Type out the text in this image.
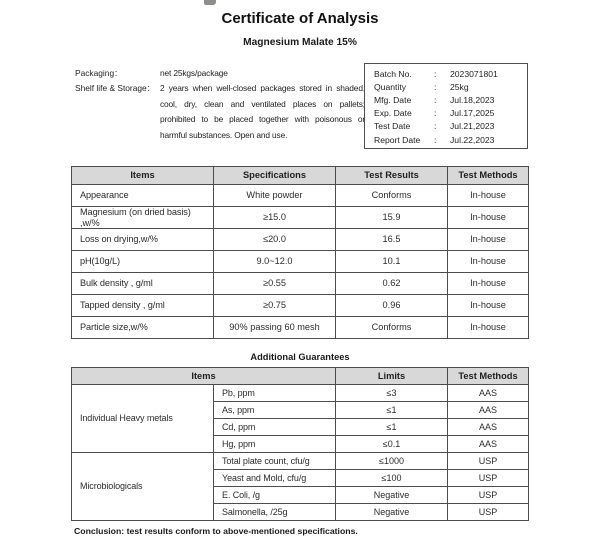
Certificate of Analysis
Magnesium Malate 15%
Packaging：	net 25kgs/package
Shelf life & Storage： 2 years when well-closed packages stored in shaded, cool, dry, clean and ventilated places on pallets; prohibited to be placed together with poisonous or harmful substances. Open and use.
Batch No.	:	2023071801
Quantity	:	25kg
Mfg. Date	:	Jul.18,2023
Exp. Date	:	Jul.17,2025
Test Date	:	Jul.21,2023
Report Date	:	Jul.22,2023
Items	Specifications	Test Results	Test Methods
Appearance	White powder	Conforms	In-house
Magnesium (on dried basis) ,w/%	≥15.0	15.9	In-house
Loss on drying,w/%	≤20.0	16.5	In-house
pH(10g/L)	9.0~12.0	10.1	In-house
Bulk density , g/ml	≥0.55	0.62	In-house
Tapped density , g/ml	≥0.75	0.96	In-house
Particle size,w/%	90% passing 60 mesh	Conforms	In-house
Additional Guarantees
Items		Limits	Test Methods
Individual Heavy metals	Pb, ppm	≤3	AAS
	As, ppm	≤1	AAS
	Cd, ppm	≤1	AAS
	Hg, ppm	≤0.1	AAS
Microbiologicals	Total plate count, cfu/g	≤1000	USP
	Yeast and Mold, cfu/g	≤100	USP
	E. Coli, /g	Negative	USP
	Salmonella, /25g	Negative	USP
Conclusion: test results conform to above-mentioned specifications.
